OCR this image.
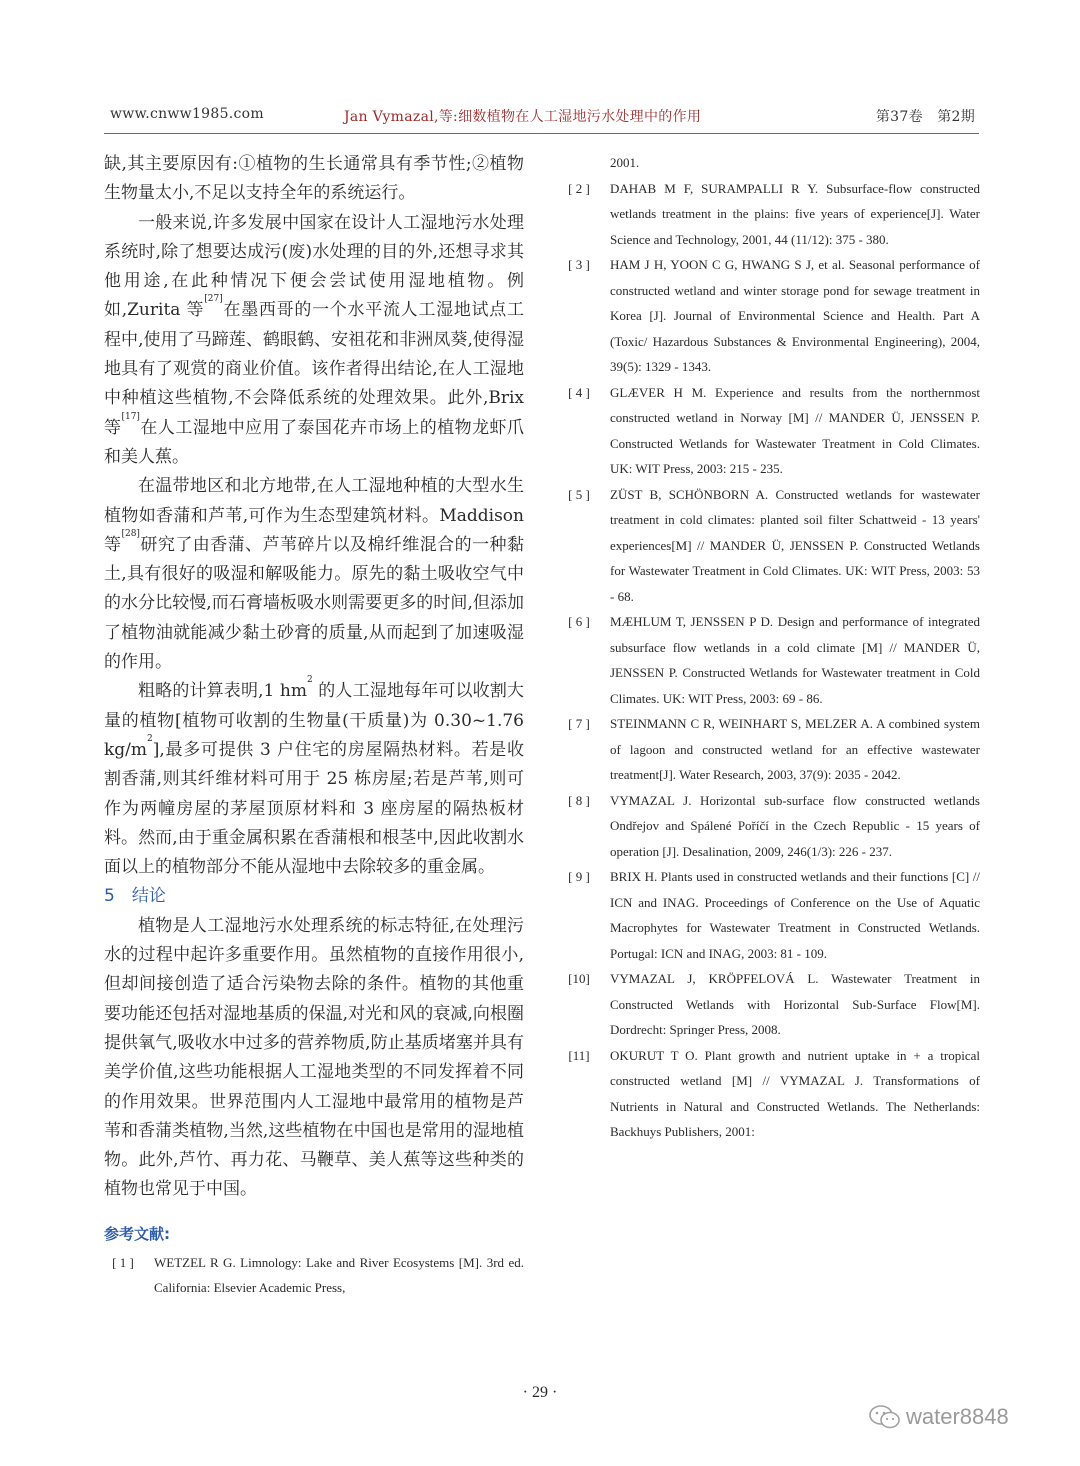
www.cnww1985.com	Jan Vymazal,等:细数植物在人工湿地污水处理中的作用	第37卷　第2期

缺,其主要原因有:①植物的生长通常具有季节性;②植物生物量太小,不足以支持全年的系统运行。

一般来说,许多发展中国家在设计人工湿地污水处理系统时,除了想要达成污(废)水处理的目的外,还想寻求其他用途,在此种情况下便会尝试使用湿地植物。例如,Zurita 等[27]在墨西哥的一个水平流人工湿地试点工程中,使用了马蹄莲、鹤眼鹤、安祖花和非洲凤葵,使得湿地具有了观赏的商业价值。该作者得出结论,在人工湿地中种植这些植物,不会降低系统的处理效果。此外,Brix 等[17]在人工湿地中应用了泰国花卉市场上的植物龙虾爪和美人蕉。

在温带地区和北方地带,在人工湿地种植的大型水生植物如香蒲和芦苇,可作为生态型建筑材料。Maddison 等[28]研究了由香蒲、芦苇碎片以及棉纤维混合的一种黏土,具有很好的吸湿和解吸能力。原先的黏土吸收空气中的水分比较慢,而石膏墙板吸水则需要更多的时间,但添加了植物油就能减少黏土砂膏的质量,从而起到了加速吸湿的作用。

粗略的计算表明,1 $hm^2$ 的人工湿地每年可以收割大量的植物[植物可收割的生物量(干质量)为 0.30~1.76 $kg/m^2$],最多可提供 3 户住宅的房屋隔热材料。若是收割香蒲,则其纤维材料可用于 25 栋房屋;若是芦苇,则可作为两幢房屋的茅屋顶原材料和 3 座房屋的隔热板材料。然而,由于重金属积累在香蒲根和根茎中,因此收割水面以上的植物部分不能从湿地中去除较多的重金属。

5　结论

植物是人工湿地污水处理系统的标志特征,在处理污水的过程中起许多重要作用。虽然植物的直接作用很小,但却间接创造了适合污染物去除的条件。植物的其他重要功能还包括对湿地基质的保温,对光和风的衰减,向根圈提供氧气,吸收水中过多的营养物质,防止基质堵塞并具有美学价值,这些功能根据人工湿地类型的不同发挥着不同的作用效果。世界范围内人工湿地中最常用的植物是芦苇和香蒲类植物,当然,这些植物在中国也是常用的湿地植物。此外,芦竹、再力花、马鞭草、美人蕉等这些种类的植物也常见于中国。

参考文献:

[ 1 ]	WETZEL R G. Limnology: Lake and River Ecosystems [M]. 3rd ed. California: Elsevier Academic Press,

2001.

[ 2 ]	DAHAB M F, SURAMPALLI R Y. Subsurface-flow constructed wetlands treatment in the plains: five years of experience[J]. Water Science and Technology, 2001, 44 (11/12): 375 - 380.
[ 3 ]	HAM J H, YOON C G, HWANG S J, et al. Seasonal performance of constructed wetland and winter storage pond for sewage treatment in Korea [J]. Journal of Environmental Science and Health. Part A (Toxic/ Hazardous Substances & Environmental Engineering), 2004, 39(5): 1329 - 1343.
[ 4 ]	GLÆVER H M. Experience and results from the northernmost constructed wetland in Norway [M] // MANDER Ü, JENSSEN P. Constructed Wetlands for Wastewater Treatment in Cold Climates. UK: WIT Press, 2003: 215 - 235.
[ 5 ]	ZÜST B, SCHÖNBORN A. Constructed wetlands for wastewater treatment in cold climates: planted soil filter Schattweid - 13 years' experiences[M] // MANDER Ü, JENSSEN P. Constructed Wetlands for Wastewater Treatment in Cold Climates. UK: WIT Press, 2003: 53 - 68.
[ 6 ]	MÆHLUM T, JENSSEN P D. Design and performance of integrated subsurface flow wetlands in a cold climate [M] // MANDER Ü, JENSSEN P. Constructed Wetlands for Wastewater treatment in Cold Climates. UK: WIT Press, 2003: 69 - 86.
[ 7 ]	STEINMANN C R, WEINHART S, MELZER A. A combined system of lagoon and constructed wetland for an effective wastewater treatment[J]. Water Research, 2003, 37(9): 2035 - 2042.
[ 8 ]	VYMAZAL J. Horizontal sub-surface flow constructed wetlands Ondřejov and Spálené Poříčí in the Czech Republic - 15 years of operation [J]. Desalination, 2009, 246(1/3): 226 - 237.
[ 9 ]	BRIX H. Plants used in constructed wetlands and their functions [C] // ICN and INAG. Proceedings of Conference on the Use of Aquatic Macrophytes for Wastewater Treatment in Constructed Wetlands. Portugal: ICN and INAG, 2003: 81 - 109.
[10]	VYMAZAL J, KRÖPFELOVÁ L. Wastewater Treatment in Constructed Wetlands with Horizontal Sub-Surface Flow[M]. Dordrecht: Springer Press, 2008.
[11]	OKURUT T O. Plant growth and nutrient uptake in + a tropical constructed wetland [M] // VYMAZAL J. Transformations of Nutrients in Natural and Constructed Wetlands. The Netherlands: Backhuys Publishers, 2001:
· 29 ·
water8848
